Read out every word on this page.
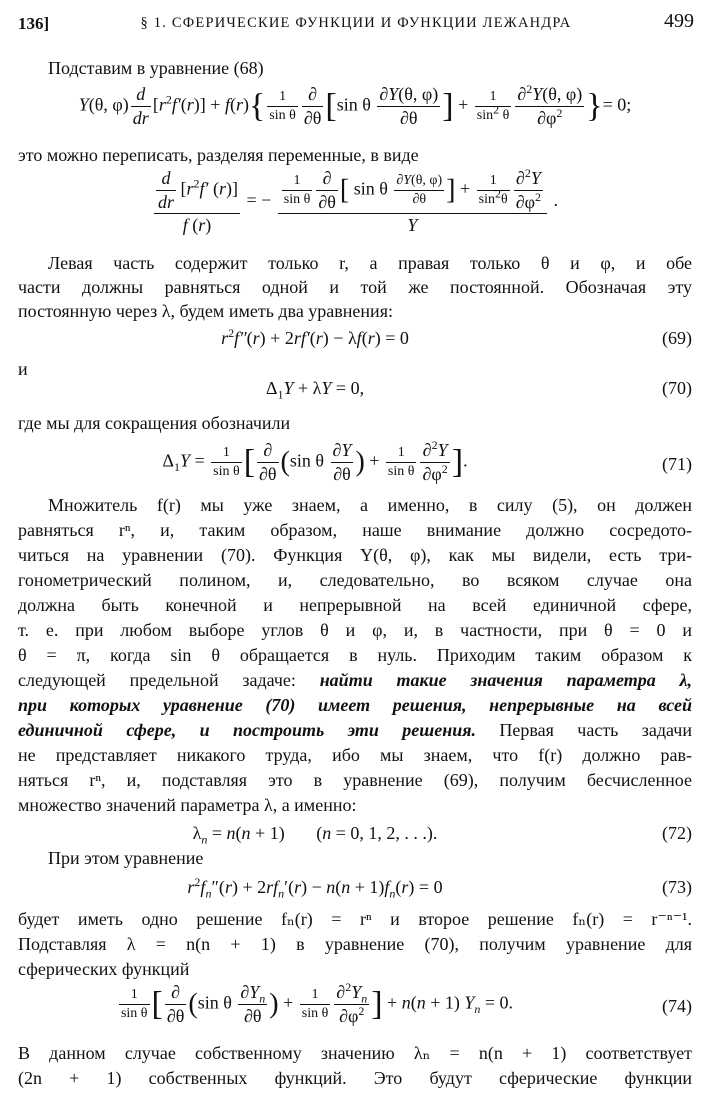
136]	§ 1. СФЕРИЧЕСКИЕ ФУНКЦИИ И ФУНКЦИИ ЛЕЖАНДРА	499
Подставим в уравнение (68)
Y(θ, $\varphi) \frac{d}{dr} [r^2f'(r)] + f(r)\{ \frac{1}{\text{sin θ}} \frac{\partial}{\partial\theta} [\sin$ θ $\frac{\partial Y(\theta, \varphi)}{\partial\theta}$ ] + $\frac{1}{\sin^2 \theta} \frac{\partial^2Y(\theta, \varphi)}{\partial\varphi^2}$ }= 0;
это можно переписать, разделяя переменные, в виде
$\frac{\frac{d}{dr} [r^2f' (r)]}{f (r)}$ = − $\frac{\frac{1}{\text{sin θ}} \frac{\partial}{\partial\theta} [ \sin \theta \frac{\partial Y(\theta, \varphi)}{\partial\theta} ] + \frac{1}{\sin^2\theta} \frac{\partial^2Y}{\partial\varphi^2}}{Y}$ .
Левая часть содержит только r, а правая только θ и φ, и обе
части должны равняться одной и той же постоянной. Обозначая эту
постоянную через λ, будем иметь два уравнения:
$r^2f''(r) + 2rf'(r) - \lambda f(r) = 0$	(69)
и
$\Delta_1Y + \lambda Y = 0$,	(70)
где мы для сокращения обозначили
$\Delta_1Y = \frac{1}{\text{sin θ}}$ [ $\frac{\partial}{\partial\theta} (\sin$ θ $\frac{\partial Y}{\partial\theta}$ ) + $\frac{1}{\text{sin θ}} \frac{\partial^2Y}{\partial\varphi^2}$ ].	(71)
Множитель f(r) мы уже знаем, а именно, в силу (5), он должен
равняться rⁿ, и, таким образом, наше внимание должно сосредото-
читься на уравнении (70). Функция Y(θ, φ), как мы видели, есть три-
гонометрический полином, и, следовательно, во всяком случае она
должна быть конечной и непрерывной на всей единичной сфере,
т. е. при любом выборе углов θ и φ, и, в частности, при θ = 0 и
θ = π, когда sin θ обращается в нуль. Приходим таким образом к
следующей предельной задаче: найти такие значения параметра λ,
при которых уравнение (70) имеет решения, непрерывные на всей
единичной сфере, и построить эти решения. Первая часть задачи
не представляет никакого труда, ибо мы знаем, что f(r) должно рав-
няться rⁿ, и, подставляя это в уравнение (69), получим бесчисленное
множество значений параметра λ, а именно:
$\lambda_n = n(n + 1)$       (n = 0, 1, 2, . . .).	(72)
При этом уравнение
$r^2f_n''(r) + 2rf_n'(r) - n(n + 1)f_n(r) = 0$	(73)
будет иметь одно решение fₙ(r) = rⁿ и второе решение fₙ(r) = r⁻ⁿ⁻¹.
Подставляя λ = n(n + 1) в уравнение (70), получим уравнение для
сферических функций
$\frac{1}{\text{sin θ}}$ [ $\frac{\partial}{\partial\theta} (\sin$ θ $\frac{\partial Y_n}{\partial\theta}$ ) + $\frac{1}{\text{sin θ}} \frac{\partial^2Y_n}{\partial\varphi^2}$ ] + n(n + 1) $Y_n = 0$.	(74)
В данном случае собственному значению λₙ = n(n + 1) соответствует
(2n + 1) собственных функций. Это будут сферические функции
